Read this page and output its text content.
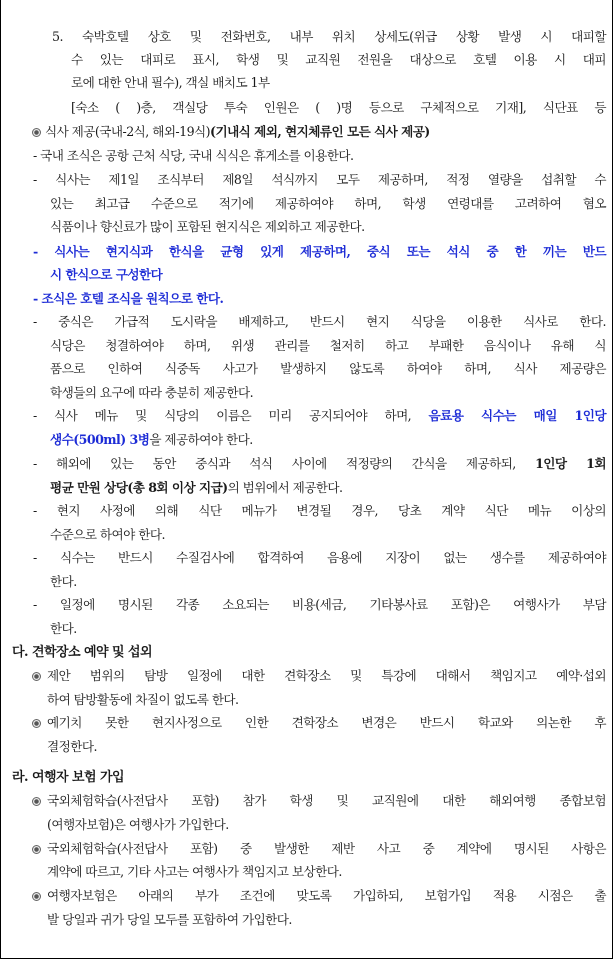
5. 숙박호텔 상호 및 전화번호, 내부 위치 상세도(위급 상황 발생 시 대피할
수 있는 대피로 표시, 학생 및 교직원 전원을 대상으로 호텔 이용 시 대피
로에 대한 안내 필수), 객실 배치도 1부
[숙소 ( )층, 객실당 투숙 인원은 ( )명 등으로 구체적으로 기재], 식단표 등
식사 제공(국내-2식, 해외-19식)(기내식 제외, 현지체류인 모든 식사 제공)
- 국내 조식은 공항 근처 식당, 국내 식식은 휴게소를 이용한다.
- 식사는 제1일 조식부터 제8일 석식까지 모두 제공하며, 적정 열량을 섭취할 수
있는 최고급 수준으로 적기에 제공하여야 하며, 학생 연령대를 고려하여 혐오
식품이나 향신료가 많이 포함된 현지식은 제외하고 제공한다.
- 식사는 현지식과 한식을 균형 있게 제공하며, 중식 또는 석식 중 한 끼는 반드
시 한식으로 구성한다
- 조식은 호텔 조식을 원칙으로 한다.
- 중식은 가급적 도시락을 배제하고, 반드시 현지 식당을 이용한 식사로 한다.
식당은 청결하여야 하며, 위생 관리를 철저히 하고 부패한 음식이나 유해 식
품으로 인하여 식중독 사고가 발생하지 않도록 하여야 하며, 식사 제공량은
학생들의 요구에 따라 충분히 제공한다.
- 식사 메뉴 및 식당의 이름은 미리 공지되어야 하며, 음료용 식수는 매일 1인당
생수(500ml) 3병을 제공하여야 한다.
- 해외에 있는 동안 중식과 석식 사이에 적정량의 간식을 제공하되, 1인당 1회
평균 만원 상당(총 8회 이상 지급)의 범위에서 제공한다.
- 현지 사정에 의해 식단 메뉴가 변경될 경우, 당초 계약 식단 메뉴 이상의
수준으로 하여야 한다.
- 식수는 반드시 수질검사에 합격하여 음용에 지장이 없는 생수를 제공하여야
한다.
- 일정에 명시된 각종 소요되는 비용(세금, 기타봉사료 포함)은 여행사가 부담
한다.
다. 견학장소 예약 및 섭외
제안 범위의 탐방 일정에 대한 견학장소 및 특강에 대해서 책임지고 예약·섭외
하여 탐방활동에 차질이 없도록 한다.
예기치 못한 현지사정으로 인한 견학장소 변경은 반드시 학교와 의논한 후
결정한다.
라. 여행자 보험 가입
국외체험학습(사전답사 포함) 참가 학생 및 교직원에 대한 해외여행 종합보험
(여행자보험)은 여행사가 가입한다.
국외체험학습(사전답사 포함) 중 발생한 제반 사고 중 계약에 명시된 사항은
계약에 따르고, 기타 사고는 여행사가 책임지고 보상한다.
여행자보험은 아래의 부가 조건에 맞도록 가입하되, 보험가입 적용 시점은 출
발 당일과 귀가 당일 모두를 포함하여 가입한다.
